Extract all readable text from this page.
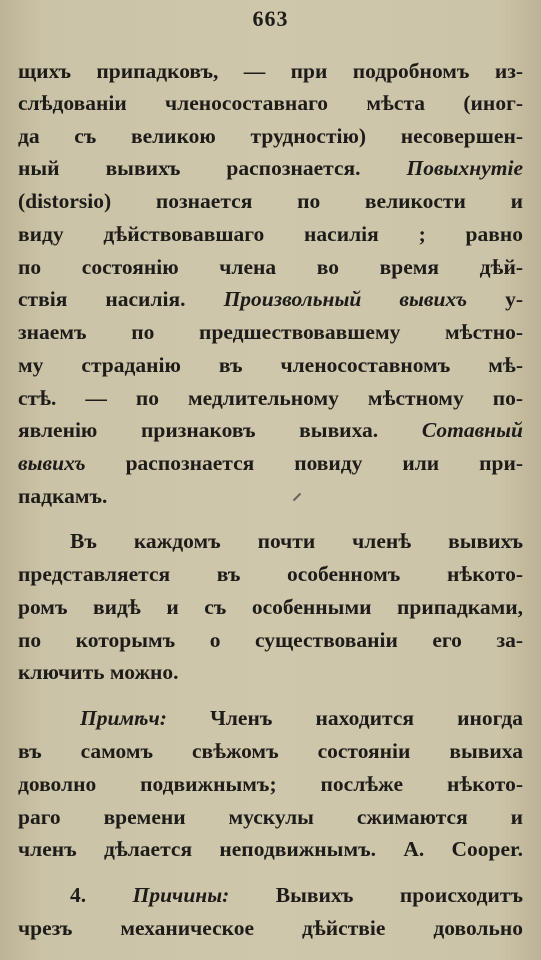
663
щихъ припадковъ, — при подробномъ из-
слѣдованіи членосоставнаго мѣста (иног-
да съ великою трудностію) несовершен-
ный вывихъ распознается. Повыхнутіе
(distorsio) познается по великости и
виду дѣйствовавшаго насилія ; равно
по состоянію члена во время дѣй-
ствія насилія. Произвольный вывихъ у-
знаемъ по предшествовавшему мѣстно-
му страданію въ членосоставномъ мѣ-
стѣ. — по медлительному мѣстному по-
явленію признаковъ вывиха. Сотавный
вывихъ распознается повиду или при-
падкамъ.
Въ каждомъ почти членѣ вывихъ
представляется въ особенномъ нѣкото-
ромъ видѣ и съ особенными припадками,
по которымъ о существованіи его за-
ключить можно.
Примѣч: Членъ находится иногда
въ самомъ свѣжомъ состояніи вывиха
доволно подвижнымъ; послѣже нѣкото-
раго времени мускулы сжимаются и
членъ дѣлается неподвижнымъ. A. Cooper.
4. Причины: Вывихъ происходитъ
чрезъ механическое дѣйствіе довольно
